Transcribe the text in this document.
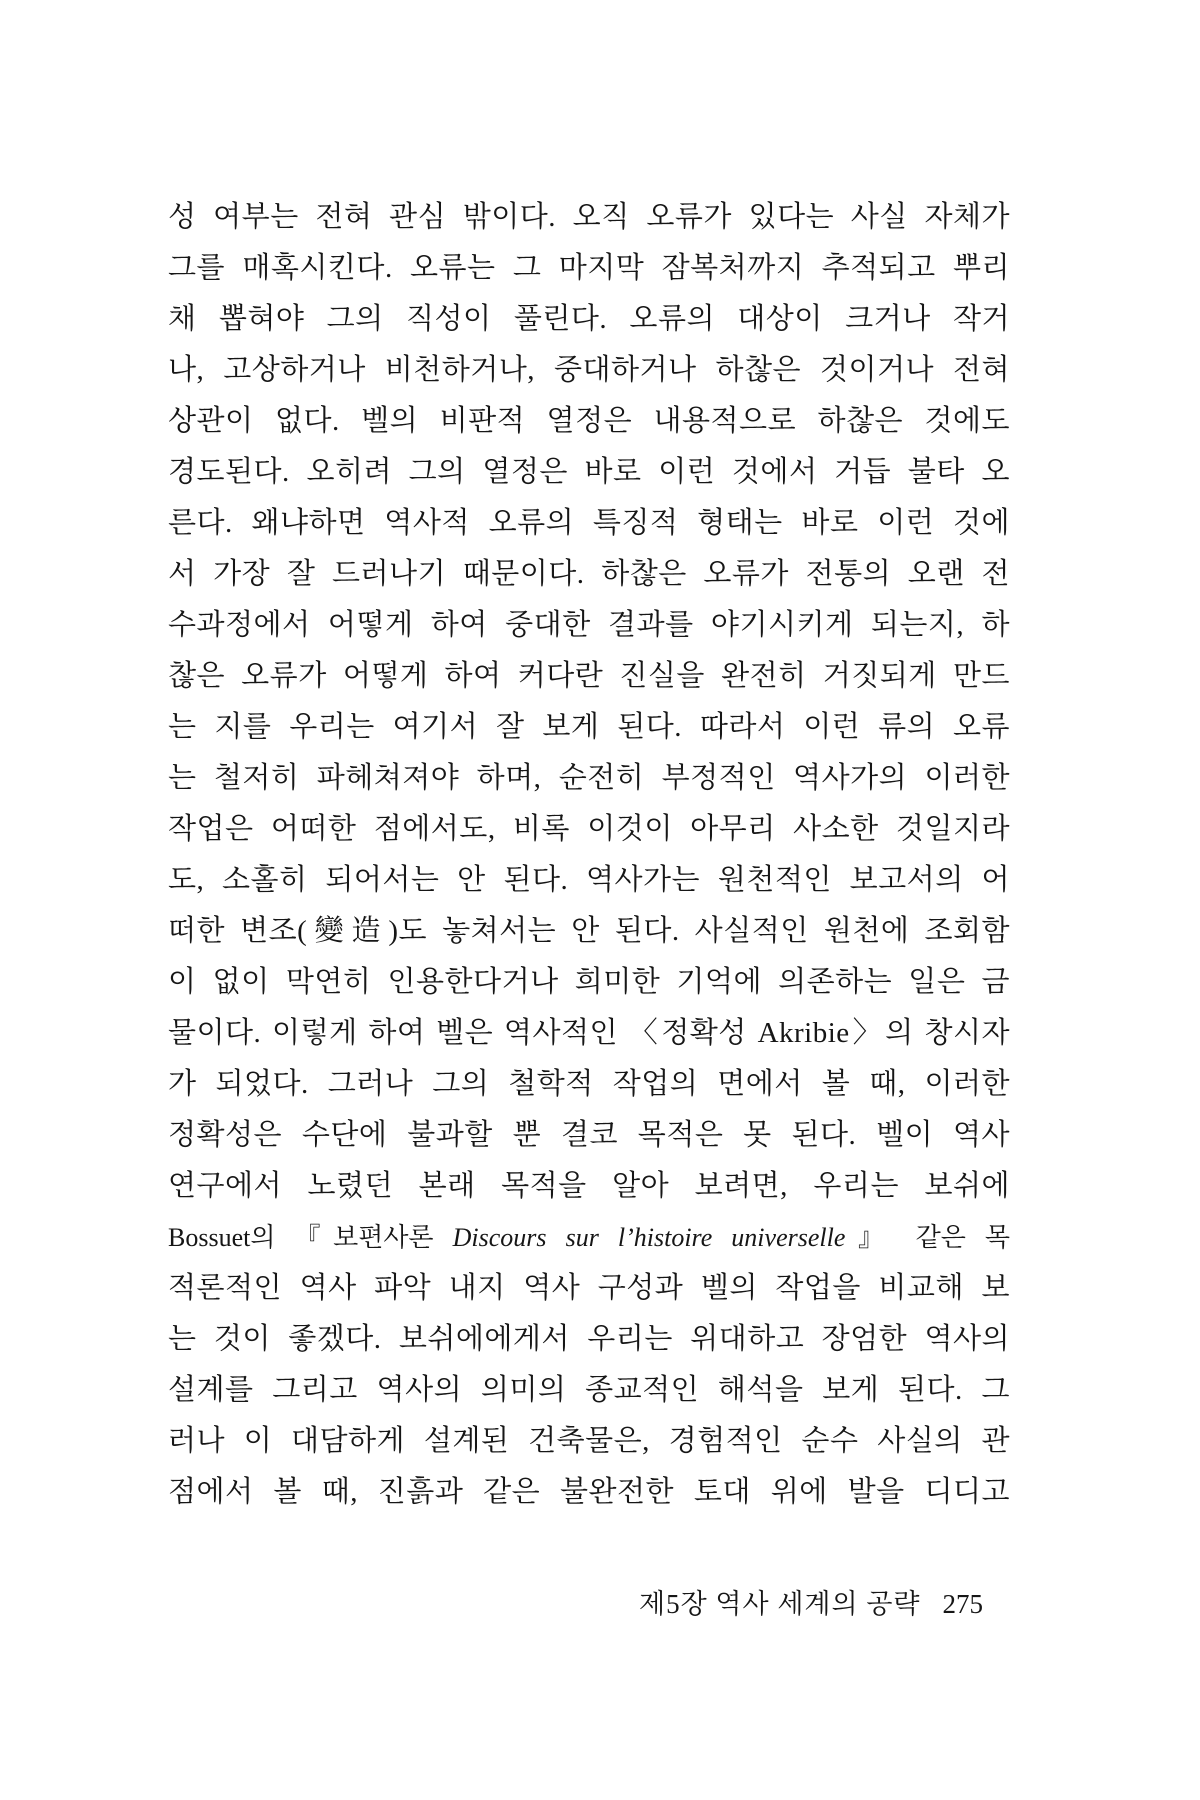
성 여부는 전혀 관심 밖이다. 오직 오류가 있다는 사실 자체가
그를 매혹시킨다. 오류는 그 마지막 잠복처까지 추적되고 뿌리
채 뽑혀야 그의 직성이 풀린다. 오류의 대상이 크거나 작거
나, 고상하거나 비천하거나, 중대하거나 하찮은 것이거나 전혀
상관이 없다. 벨의 비판적 열정은 내용적으로 하찮은 것에도
경도된다. 오히려 그의 열정은 바로 이런 것에서 거듭 불타 오
른다. 왜냐하면 역사적 오류의 특징적 형태는 바로 이런 것에
서 가장 잘 드러나기 때문이다. 하찮은 오류가 전통의 오랜 전
수과정에서 어떻게 하여 중대한 결과를 야기시키게 되는지, 하
찮은 오류가 어떻게 하여 커다란 진실을 완전히 거짓되게 만드
는 지를 우리는 여기서 잘 보게 된다. 따라서 이런 류의 오류
는 철저히 파헤쳐져야 하며, 순전히 부정적인 역사가의 이러한
작업은 어떠한 점에서도, 비록 이것이 아무리 사소한 것일지라
도, 소홀히 되어서는 안 된다. 역사가는 원천적인 보고서의 어
떠한 변조(變造)도 놓쳐서는 안 된다. 사실적인 원천에 조회함
이 없이 막연히 인용한다거나 희미한 기억에 의존하는 일은 금
물이다. 이렇게 하여 벨은 역사적인 〈정확성 Akribie〉의 창시자
가 되었다. 그러나 그의 철학적 작업의 면에서 볼 때, 이러한
정확성은 수단에 불과할 뿐 결코 목적은 못 된다. 벨이 역사
연구에서 노렸던 본래 목적을 알아 보려면, 우리는 보쉬에
Bossuet의 『보편사론 Discours sur l’histoire universelle』 같은 목
적론적인 역사 파악 내지 역사 구성과 벨의 작업을 비교해 보
는 것이 좋겠다. 보쉬에에게서 우리는 위대하고 장엄한 역사의
설계를 그리고 역사의 의미의 종교적인 해석을 보게 된다. 그
러나 이 대담하게 설계된 건축물은, 경험적인 순수 사실의 관
점에서 볼 때, 진흙과 같은 불완전한 토대 위에 발을 디디고
제5장 역사 세계의 공략 275
